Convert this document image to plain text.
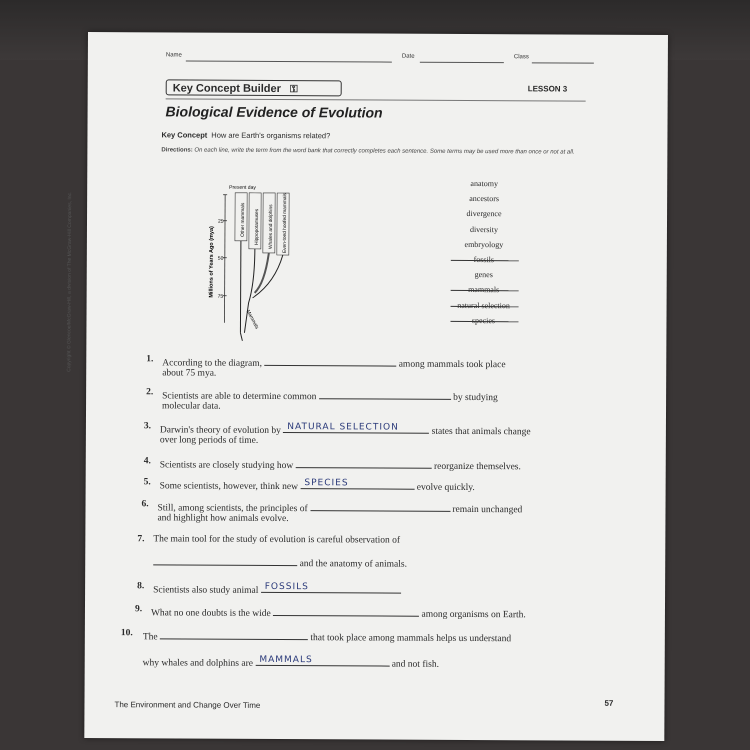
Name	Date	Class
Key Concept Builder ⚿	LESSON 3
Biological Evidence of Evolution
Key Concept How are Earth's organisms related?
Directions: On each line, write the term from the word bank that correctly completes each sentence. Some terms may be used more than once or not at all.
Present day
Millions of Years Ago (mya)
25
50
75
Other mammals Hippopotamuses Whales and dolphins Even-toed hoofed mammals
Mammals
anatomy
ancestors
divergence
diversity
embryology
fossils
genes
mammals
natural selection
species
Copyright © Glencoe/McGraw-Hill, a division of The McGraw-Hill Companies, Inc.	1. According to the diagram,	among mammals took place
about 75 mya.
2. Scientists are able to determine common	by studying
molecular data.
3. Darwin's theory of evolution by NATURAL SELECTION	states that animals change
over long periods of time.
4. Scientists are closely studying how	reorganize themselves.
5. Some scientists, however, think new SPECIES	evolve quickly.
6. Still, among scientists, the principles of	remain unchanged
and highlight how animals evolve.
7. The main tool for the study of evolution is careful observation of

and the anatomy of animals.
8. Scientists also study animal FOSSILS
9. What no one doubts is the wide	among organisms on Earth.
10. The	that took place among mammals helps us understand
why whales and dolphins are MAMMALS	and not fish.
The Environment and Change Over Time	57
